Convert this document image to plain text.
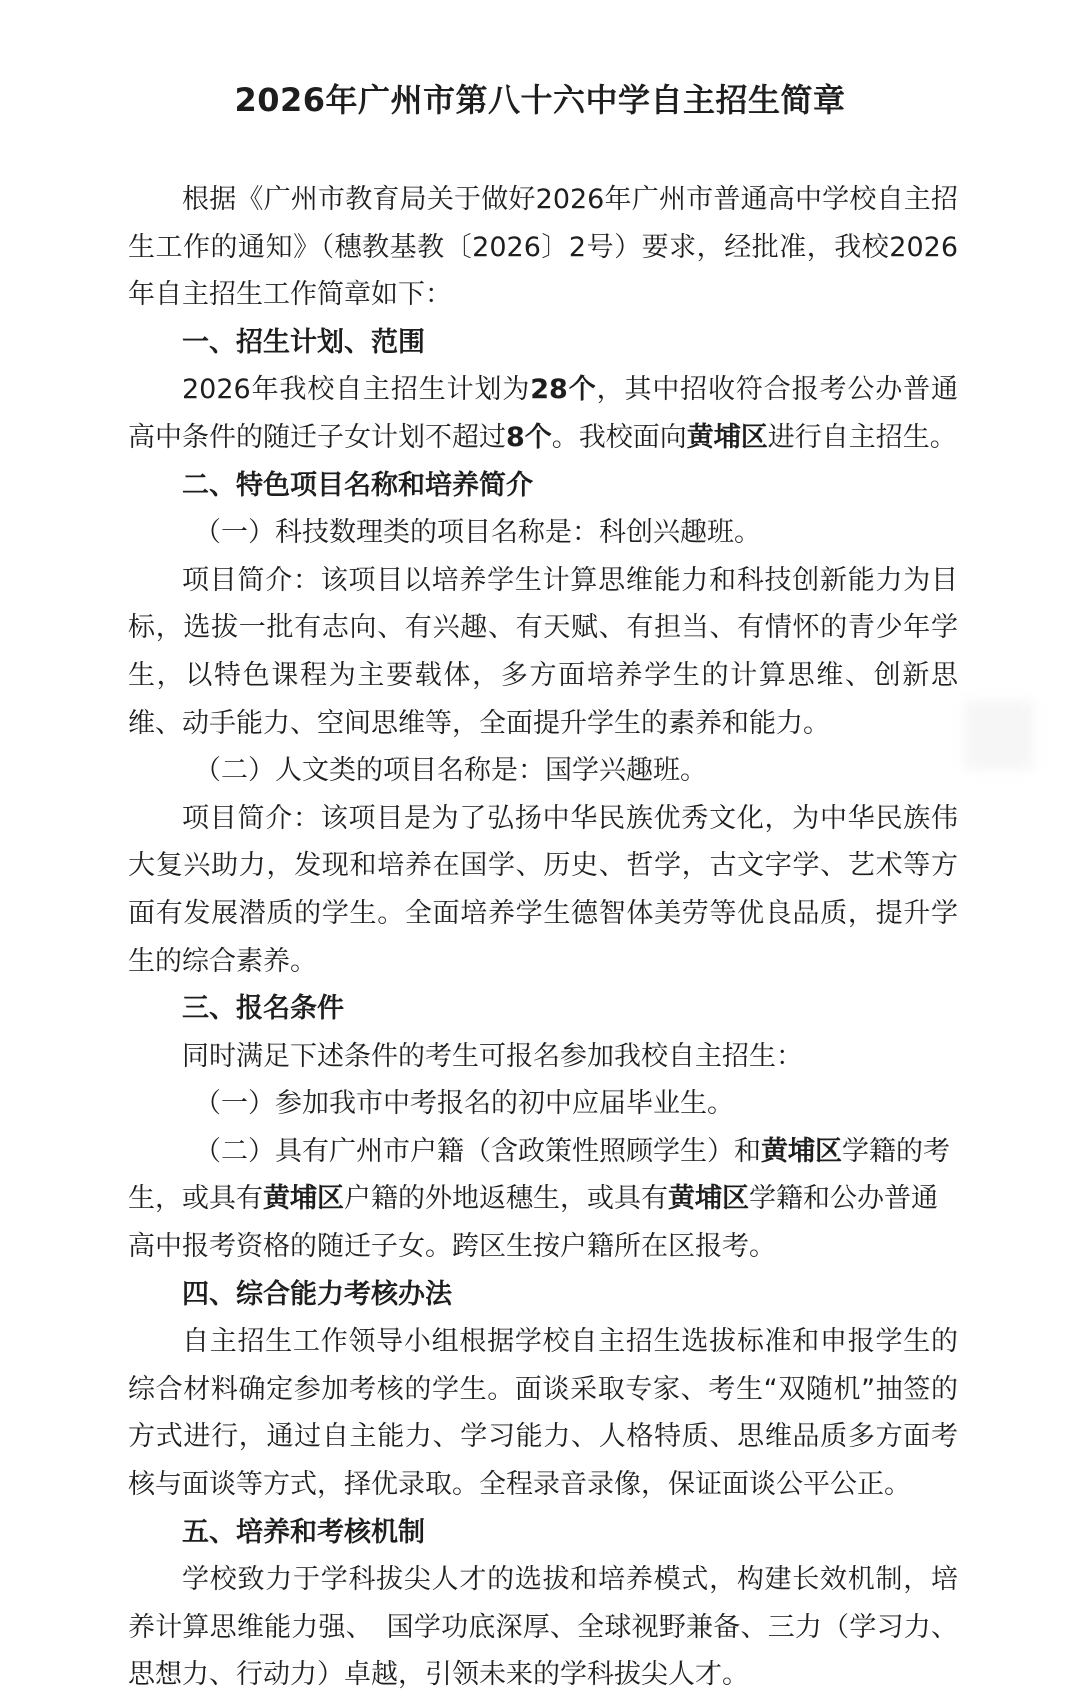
2026年广州市第八十六中学自主招生简章

根据《广州市教育局关于做好2026年广州市普通高中学校自主招生工作的通知》（穗教基教〔2026〕2号）要求，经批准，我校2026年自主招生工作简章如下：

一、招生计划、范围

2026年我校自主招生计划为28个，其中招收符合报考公办普通高中条件的随迁子女计划不超过8个。我校面向黄埔区进行自主招生。

二、特色项目名称和培养简介

（一）科技数理类的项目名称是：科创兴趣班。

项目简介：该项目以培养学生计算思维能力和科技创新能力为目标，选拔一批有志向、有兴趣、有天赋、有担当、有情怀的青少年学生，以特色课程为主要载体，多方面培养学生的计算思维、创新思维、动手能力、空间思维等，全面提升学生的素养和能力。

（二）人文类的项目名称是：国学兴趣班。

项目简介：该项目是为了弘扬中华民族优秀文化，为中华民族伟大复兴助力，发现和培养在国学、历史、哲学，古文字学、艺术等方面有发展潜质的学生。全面培养学生德智体美劳等优良品质，提升学生的综合素养。

三、报名条件

同时满足下述条件的考生可报名参加我校自主招生：

（一）参加我市中考报名的初中应届毕业生。

（二）具有广州市户籍（含政策性照顾学生）和黄埔区学籍的考生，或具有黄埔区户籍的外地返穗生，或具有黄埔区学籍和公办普通高中报考资格的随迁子女。跨区生按户籍所在区报考。

四、综合能力考核办法

自主招生工作领导小组根据学校自主招生选拔标准和申报学生的综合材料确定参加考核的学生。面谈采取专家、考生“双随机”抽签的方式进行，通过自主能力、学习能力、人格特质、思维品质多方面考核与面谈等方式，择优录取。全程录音录像，保证面谈公平公正。

五、培养和考核机制

学校致力于学科拔尖人才的选拔和培养模式，构建长效机制，培养计算思维能力强、　国学功底深厚、全球视野兼备、三力（学习力、思想力、行动力）卓越，引领未来的学科拔尖人才。
